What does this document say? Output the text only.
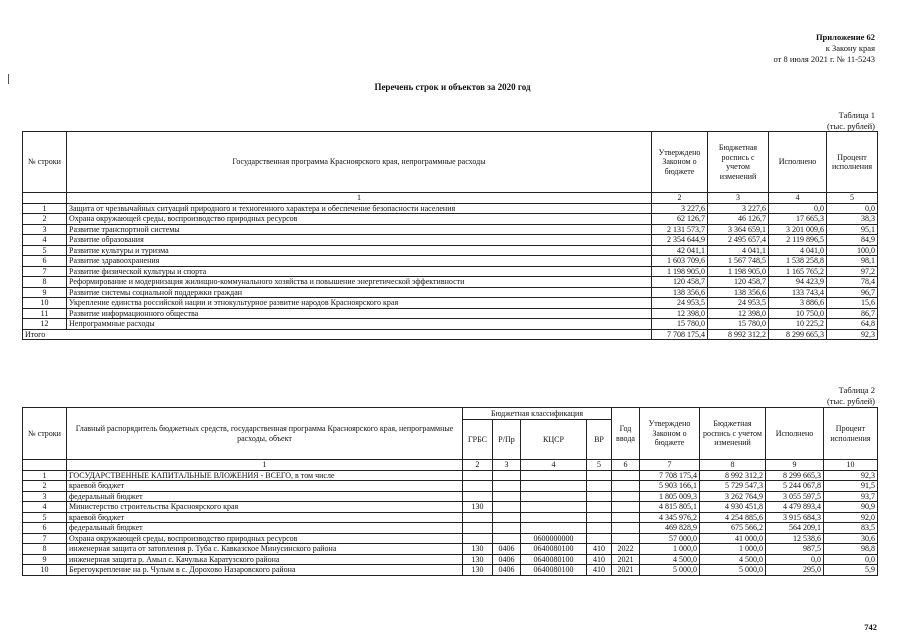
Приложение 62
к Закону края
от 8 июля 2021 г. № 11-5243
Перечень строк и объектов за 2020 год
Таблица 1
(тыс. рублей)
№ строки	Государственная программа Красноярского края, непрограммные расходы	Утверждено Законом о бюджете	Бюджетная роспись с учетом изменений	Исполнено	Процент исполнения
	1	2	3	4	5
1	Защита от чрезвычайных ситуаций природного и техногенного характера и обеспечение безопасности населения	3 227,6	3 227,6	0,0	0,0
2	Охрана окружающей среды, воспроизводство природных ресурсов	62 126,7	46 126,7	17 665,3	38,3
3	Развитие транспортной системы	2 131 573,7	3 364 659,1	3 201 009,6	95,1
4	Развитие образования	2 354 644,9	2 495 657,4	2 119 896,5	84,9
5	Развитие культуры и туризма	42 041,1	4 041,1	4 041,0	100,0
6	Развитие здравоохранения	1 603 709,6	1 567 748,5	1 538 258,8	98,1
7	Развитие физической культуры и спорта	1 198 905,0	1 198 905,0	1 165 765,2	97,2
8	Реформирование и модернизация жилищно-коммунального хозяйства и повышение энергетической эффективности	120 458,7	120 458,7	94 423,9	78,4
9	Развитие системы социальной поддержки граждан	138 356,6	138 356,6	133 743,4	96,7
10	Укрепление единства российской нации и этнокультурное развитие народов Красноярского края	24 953,5	24 953,5	3 886,6	15,6
11	Развитие информационного общества	12 398,0	12 398,0	10 750,0	86,7
12	Непрограммные расходы	15 780,0	15 780,0	10 225,2	64,8
Итого		7 708 175,4	8 992 312,2	8 299 665,3	92,3
Таблица 2
(тыс. рублей)
№ строки	Главный распорядитель бюджетных средств, государственная программа Красноярского края, непрограммные расходы, объект	Бюджетная классификация				Год ввода	Утверждено Законом о бюджете	Бюджетная роспись с учетом изменений	Исполнено	Процент исполнения
		ГРБС	Р/Пр	КЦСР	ВР					
	1	2	3	4	5	6	7	8	9	10
1	ГОСУДАРСТВЕННЫЕ КАПИТАЛЬНЫЕ ВЛОЖЕНИЯ - ВСЕГО, в том числе						7 708 175,4	8 992 312,2	8 299 665,3	92,3
2	краевой бюджет						5 903 166,1	5 729 547,3	5 244 067,8	91,5
3	федеральный бюджет						1 805 009,3	3 262 764,9	3 055 597,5	93,7
4	Министерство строительства Красноярского края	130					4 815 805,1	4 930 451,8	4 479 893,4	90,9
5	краевой бюджет						4 345 976,2	4 254 885,6	3 915 684,3	92,0
6	федеральный бюджет						469 828,9	675 566,2	564 209,1	83,5
7	Охрана окружающей среды, воспроизводство природных ресурсов			0600000000			57 000,0	41 000,0	12 538,6	30,6
8	инженерная защита от затопления р. Туба с. Кавказское Минусинского района	130	0406	0640080100	410	2022	1 000,0	1 000,0	987,5	98,8
9	инженерная защита р. Амыл с. Качулька Каратузского района	130	0406	0640080100	410	2021	4 500,0	4 500,0	0,0	0,0
10	Берегоукрепление на р. Чулым в с. Дорохово Назаровского района	130	0406	0640080100	410	2021	5 000,0	5 000,0	295,0	5,9
742
